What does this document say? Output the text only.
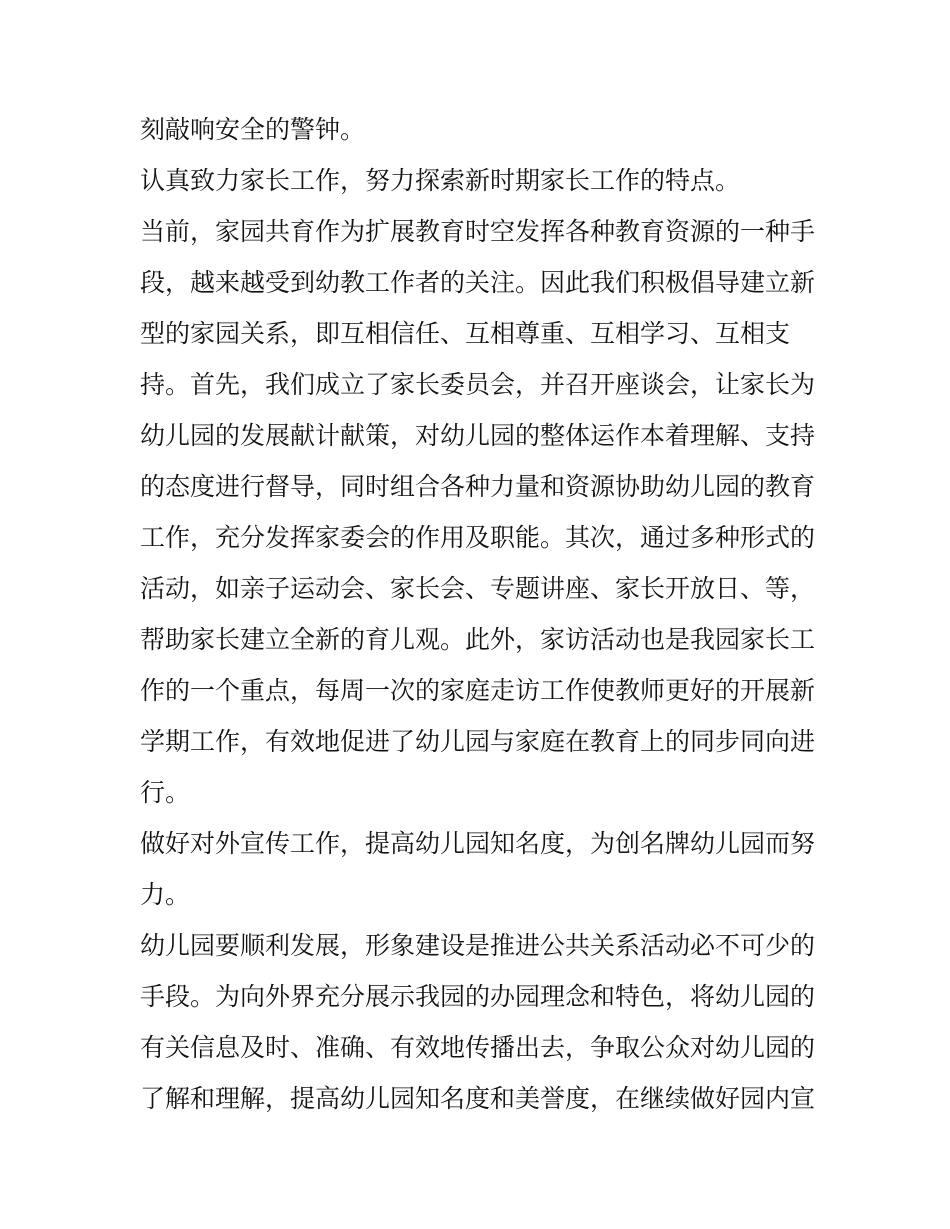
刻敲响安全的警钟。
认真致力家长工作，努力探索新时期家长工作的特点。
当前，家园共育作为扩展教育时空发挥各种教育资源的一种手
段，越来越受到幼教工作者的关注。因此我们积极倡导建立新
型的家园关系，即互相信任、互相尊重、互相学习、互相支
持。首先，我们成立了家长委员会，并召开座谈会，让家长为
幼儿园的发展献计献策，对幼儿园的整体运作本着理解、支持
的态度进行督导，同时组合各种力量和资源协助幼儿园的教育
工作，充分发挥家委会的作用及职能。其次，通过多种形式的
活动，如亲子运动会、家长会、专题讲座、家长开放日、等，
帮助家长建立全新的育儿观。此外，家访活动也是我园家长工
作的一个重点，每周一次的家庭走访工作使教师更好的开展新
学期工作，有效地促进了幼儿园与家庭在教育上的同步同向进
行。
做好对外宣传工作，提高幼儿园知名度，为创名牌幼儿园而努
力。
幼儿园要顺利发展，形象建设是推进公共关系活动必不可少的
手段。为向外界充分展示我园的办园理念和特色，将幼儿园的
有关信息及时、准确、有效地传播出去，争取公众对幼儿园的
了解和理解，提高幼儿园知名度和美誉度，在继续做好园内宣
